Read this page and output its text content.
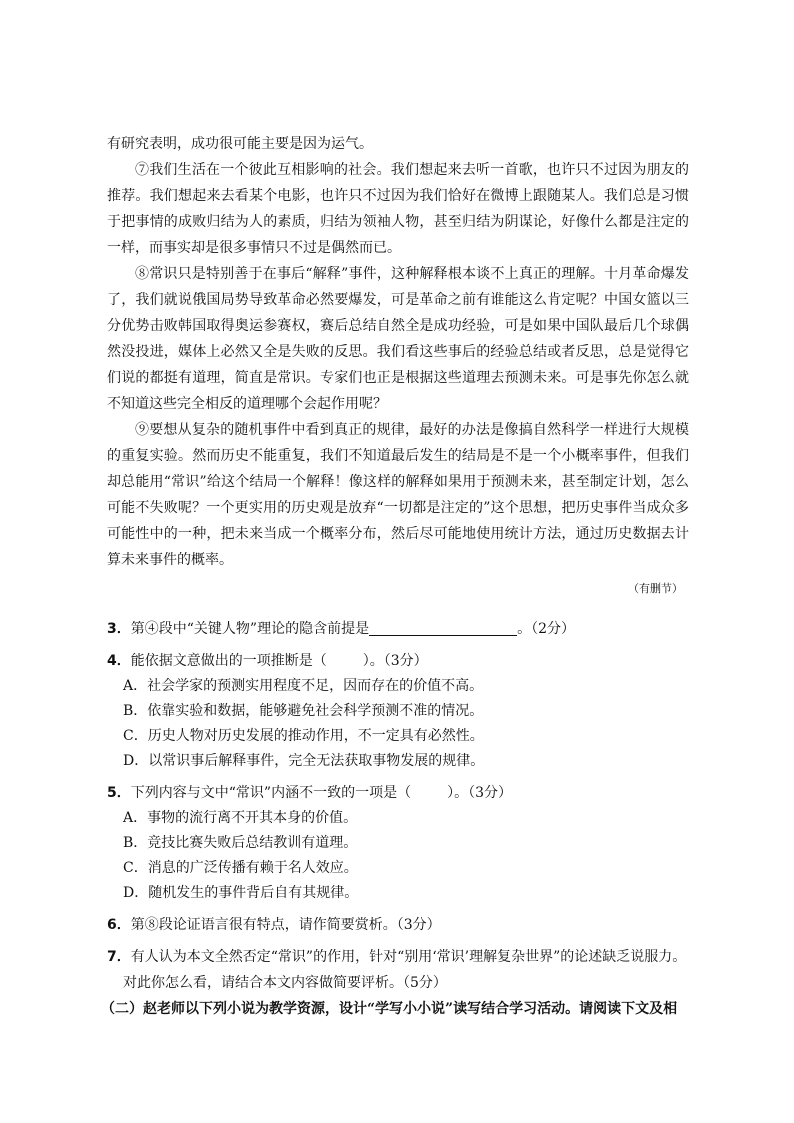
有研究表明，成功很可能主要是因为运气。

⑦我们生活在一个彼此互相影响的社会。我们想起来去听一首歌，也许只不过因为朋友的推荐。我们想起来去看某个电影，也许只不过因为我们恰好在微博上跟随某人。我们总是习惯于把事情的成败归结为人的素质，归结为领袖人物，甚至归结为阴谋论，好像什么都是注定的一样，而事实却是很多事情只不过是偶然而已。

⑧常识只是特别善于在事后“解释”事件，这种解释根本谈不上真正的理解。十月革命爆发了，我们就说俄国局势导致革命必然要爆发，可是革命之前有谁能这么肯定呢？中国女篮以三分优势击败韩国取得奥运参赛权，赛后总结自然全是成功经验，可是如果中国队最后几个球偶然没投进，媒体上必然又全是失败的反思。我们看这些事后的经验总结或者反思，总是觉得它们说的都挺有道理，简直是常识。专家们也正是根据这些道理去预测未来。可是事先你怎么就不知道这些完全相反的道理哪个会起作用呢？

⑨要想从复杂的随机事件中看到真正的规律，最好的办法是像搞自然科学一样进行大规模的重复实验。然而历史不能重复，我们不知道最后发生的结局是不是一个小概率事件，但我们却总能用“常识”给这个结局一个解释！像这样的解释如果用于预测未来，甚至制定计划，怎么可能不失败呢？一个更实用的历史观是放弃“一切都是注定的”这个思想，把历史事件当成众多可能性中的一种，把未来当成一个概率分布，然后尽可能地使用统计方法，通过历史数据去计算未来事件的概率。

（有删节）

3．第④段中“关键人物”理论的隐含前提是	。（2分）

4．能依据文意做出的一项推断是（	）。（3分）

A．社会学家的预测实用程度不足，因而存在的价值不高。

B．依靠实验和数据，能够避免社会科学预测不准的情况。

C．历史人物对历史发展的推动作用，不一定具有必然性。

D．以常识事后解释事件，完全无法获取事物发展的规律。

5．下列内容与文中“常识”内涵不一致的一项是（	）。（3分）

A．事物的流行离不开其本身的价值。

B．竞技比赛失败后总结教训有道理。

C．消息的广泛传播有赖于名人效应。

D．随机发生的事件背后自有其规律。

6．第⑧段论证语言很有特点，请作简要赏析。（3分）

7．有人认为本文全然否定“常识”的作用，针对“别用‘常识’理解复杂世界”的论述缺乏说服力。对此你怎么看，请结合本文内容做简要评析。（5分）

（二）赵老师以下列小说为教学资源，设计“学写小小说”读写结合学习活动。请阅读下文及相
